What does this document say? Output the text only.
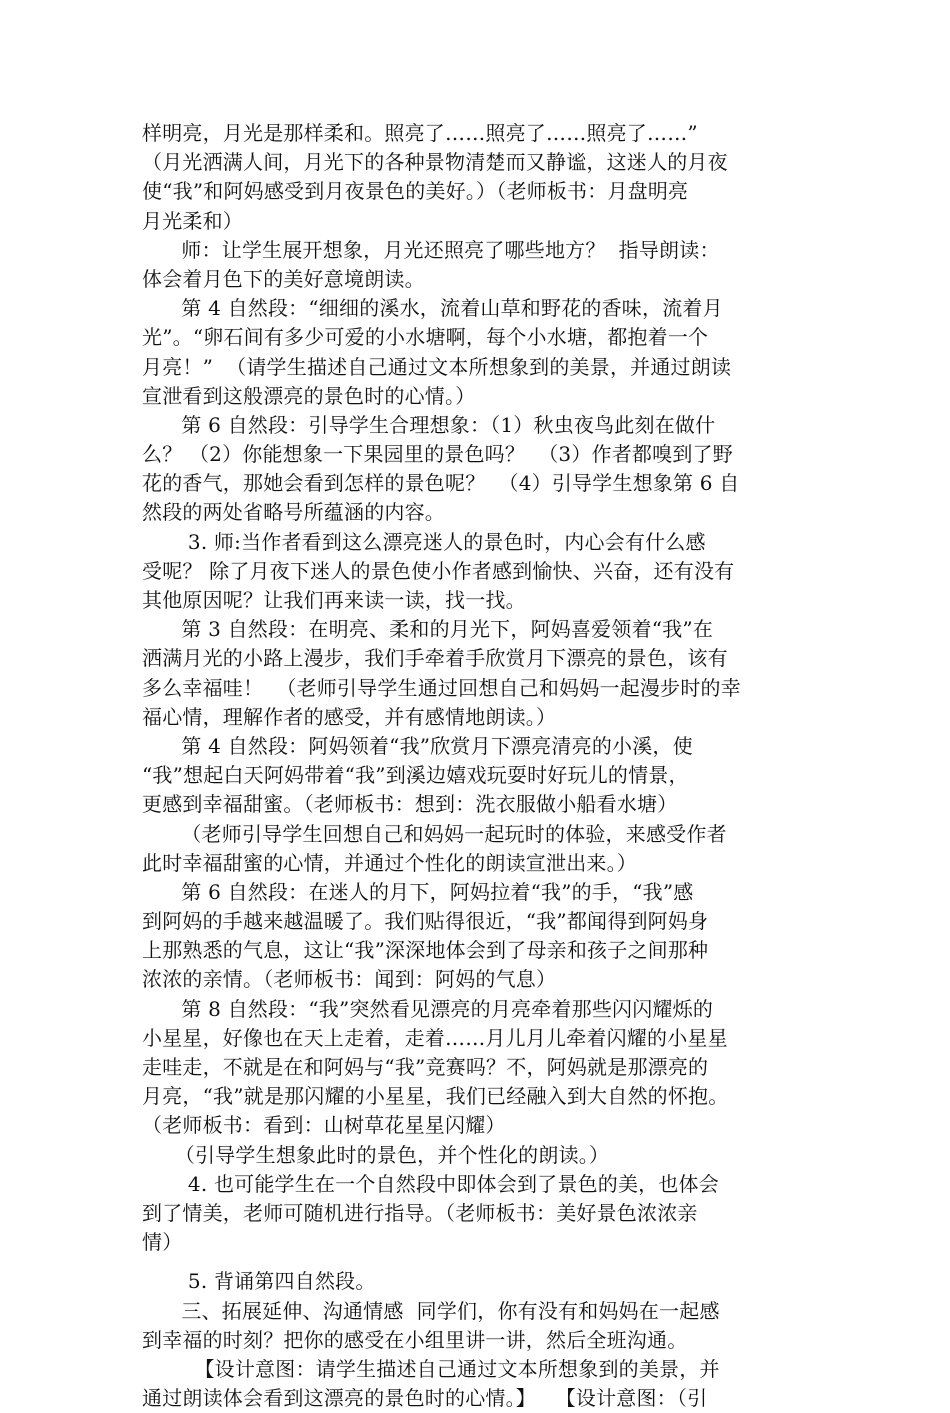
样明亮，月光是那样柔和。照亮了……照亮了……照亮了……”
（月光洒满人间，月光下的各种景物清楚而又静谧，这迷人的月夜
使“我”和阿妈感受到月夜景色的美好。）（老师板书：月盘明亮
月光柔和）
师：让学生展开想象，月光还照亮了哪些地方？  指导朗读：
体会着月色下的美好意境朗读。
第 4 自然段：“细细的溪水，流着山草和野花的香味，流着月
光”。“卵石间有多少可爱的小水塘啊，每个小水塘，都抱着一个
月亮！”  （请学生描述自己通过文本所想象到的美景，并通过朗读
宣泄看到这般漂亮的景色时的心情。）
第 6 自然段：引导学生合理想象：（1）秋虫夜鸟此刻在做什
么？ （2）你能想象一下果园里的景色吗？  （3）作者都嗅到了野
花的香气，那她会看到怎样的景色呢？  （4）引导学生想象第 6 自
然段的两处省略号所蕴涵的内容。
3. 师:当作者看到这么漂亮迷人的景色时，内心会有什么感
受呢？ 除了月夜下迷人的景色使小作者感到愉快、兴奋，还有没有
其他原因呢？让我们再来读一读，找一找。
第 3 自然段：在明亮、柔和的月光下，阿妈喜爱领着“我”在
洒满月光的小路上漫步，我们手牵着手欣赏月下漂亮的景色，该有
多么幸福哇！  （老师引导学生通过回想自己和妈妈一起漫步时的幸
福心情，理解作者的感受，并有感情地朗读。）
第 4 自然段：阿妈领着“我”欣赏月下漂亮清亮的小溪，使
“我”想起白天阿妈带着“我”到溪边嬉戏玩耍时好玩儿的情景，
更感到幸福甜蜜。（老师板书：想到：洗衣服做小船看水塘）
（老师引导学生回想自己和妈妈一起玩时的体验，来感受作者
此时幸福甜蜜的心情，并通过个性化的朗读宣泄出来。）
第 6 自然段：在迷人的月下，阿妈拉着“我”的手，“我”感
到阿妈的手越来越温暖了。我们贴得很近，“我”都闻得到阿妈身
上那熟悉的气息，这让“我”深深地体会到了母亲和孩子之间那种
浓浓的亲情。（老师板书：闻到：阿妈的气息）
第 8 自然段：“我”突然看见漂亮的月亮牵着那些闪闪耀烁的
小星星，好像也在天上走着，走着……月儿月儿牵着闪耀的小星星
走哇走，不就是在和阿妈与“我”竞赛吗？不，阿妈就是那漂亮的
月亮，“我”就是那闪耀的小星星，我们已经融入到大自然的怀抱。
（老师板书：看到：山树草花星星闪耀）
（引导学生想象此时的景色，并个性化的朗读。）
4. 也可能学生在一个自然段中即体会到了景色的美，也体会
到了情美，老师可随机进行指导。（老师板书：美好景色浓浓亲
情）
5. 背诵第四自然段。
三、拓展延伸、沟通情感  同学们，你有没有和妈妈在一起感
到幸福的时刻？把你的感受在小组里讲一讲，然后全班沟通。
【设计意图：请学生描述自己通过文本所想象到的美景，并
通过朗读体会看到这漂亮的景色时的心情。】   【设计意图：（引
